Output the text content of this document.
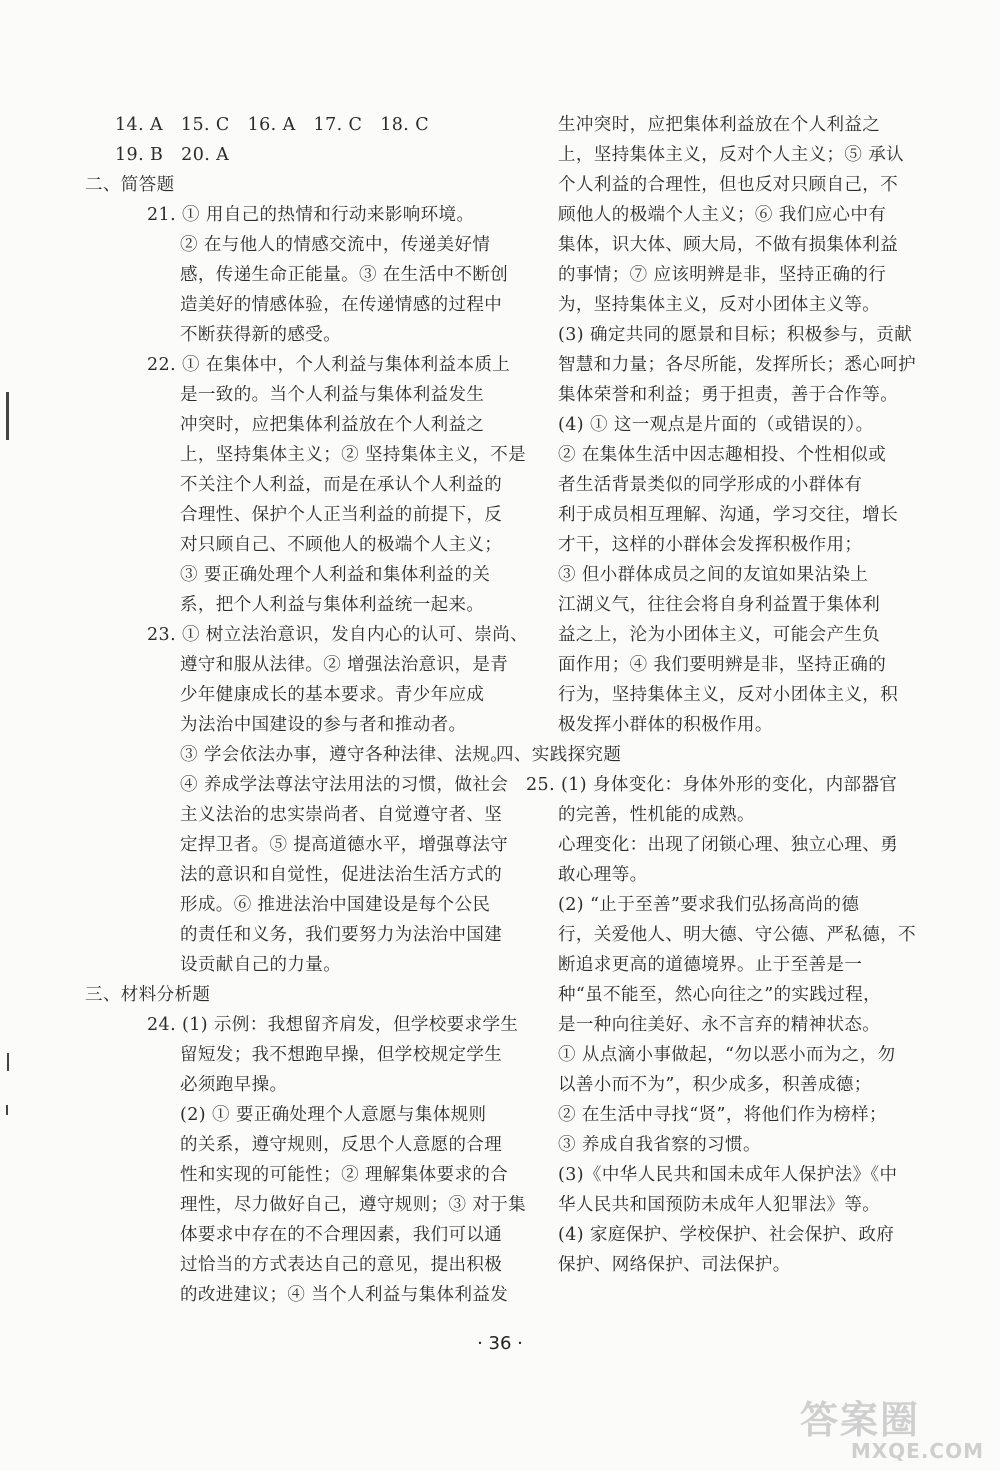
14. A　15. C　16. A　17. C　18. C
19. B　20. A
二、简答题
21. ① 用自己的热情和行动来影响环境。
② 在与他人的情感交流中，传递美好情
感，传递生命正能量。③ 在生活中不断创
造美好的情感体验，在传递情感的过程中
不断获得新的感受。
22. ① 在集体中，个人利益与集体利益本质上
是一致的。当个人利益与集体利益发生
冲突时，应把集体利益放在个人利益之
上，坚持集体主义；② 坚持集体主义，不是
不关注个人利益，而是在承认个人利益的
合理性、保护个人正当利益的前提下，反
对只顾自己、不顾他人的极端个人主义；
③ 要正确处理个人利益和集体利益的关
系，把个人利益与集体利益统一起来。
23. ① 树立法治意识，发自内心的认可、崇尚、
遵守和服从法律。② 增强法治意识，是青
少年健康成长的基本要求。青少年应成
为法治中国建设的参与者和推动者。
③ 学会依法办事，遵守各种法律、法规。
④ 养成学法尊法守法用法的习惯，做社会
主义法治的忠实崇尚者、自觉遵守者、坚
定捍卫者。⑤ 提高道德水平，增强尊法守
法的意识和自觉性，促进法治生活方式的
形成。⑥ 推进法治中国建设是每个公民
的责任和义务，我们要努力为法治中国建
设贡献自己的力量。
三、材料分析题
24. (1) 示例：我想留齐肩发，但学校要求学生
留短发；我不想跑早操，但学校规定学生
必须跑早操。
(2) ① 要正确处理个人意愿与集体规则
的关系，遵守规则，反思个人意愿的合理
性和实现的可能性；② 理解集体要求的合
理性，尽力做好自己，遵守规则；③ 对于集
体要求中存在的不合理因素，我们可以通
过恰当的方式表达自己的意见，提出积极
的改进建议；④ 当个人利益与集体利益发
生冲突时，应把集体利益放在个人利益之
上，坚持集体主义，反对个人主义；⑤ 承认
个人利益的合理性，但也反对只顾自己，不
顾他人的极端个人主义；⑥ 我们应心中有
集体，识大体、顾大局，不做有损集体利益
的事情；⑦ 应该明辨是非，坚持正确的行
为，坚持集体主义，反对小团体主义等。
(3) 确定共同的愿景和目标；积极参与，贡献
智慧和力量；各尽所能，发挥所长；悉心呵护
集体荣誉和利益；勇于担责，善于合作等。
(4) ① 这一观点是片面的（或错误的）。
② 在集体生活中因志趣相投、个性相似或
者生活背景类似的同学形成的小群体有
利于成员相互理解、沟通，学习交往，增长
才干，这样的小群体会发挥积极作用；
③ 但小群体成员之间的友谊如果沾染上
江湖义气，往往会将自身利益置于集体利
益之上，沦为小团体主义，可能会产生负
面作用；④ 我们要明辨是非，坚持正确的
行为，坚持集体主义，反对小团体主义，积
极发挥小群体的积极作用。
四、实践探究题
25. (1) 身体变化：身体外形的变化，内部器官
的完善，性机能的成熟。
心理变化：出现了闭锁心理、独立心理、勇
敢心理等。
(2) “止于至善”要求我们弘扬高尚的德
行，关爱他人、明大德、守公德、严私德，不
断追求更高的道德境界。止于至善是一
种“虽不能至，然心向往之”的实践过程，
是一种向往美好、永不言弃的精神状态。
① 从点滴小事做起，“勿以恶小而为之，勿
以善小而不为”，积少成多，积善成德；
② 在生活中寻找“贤”，将他们作为榜样；
③ 养成自我省察的习惯。
(3)《中华人民共和国未成年人保护法》《中
华人民共和国预防未成年人犯罪法》等。
(4) 家庭保护、学校保护、社会保护、政府
保护、网络保护、司法保护。
· 36 ·
答案圈
MXQE.COM
